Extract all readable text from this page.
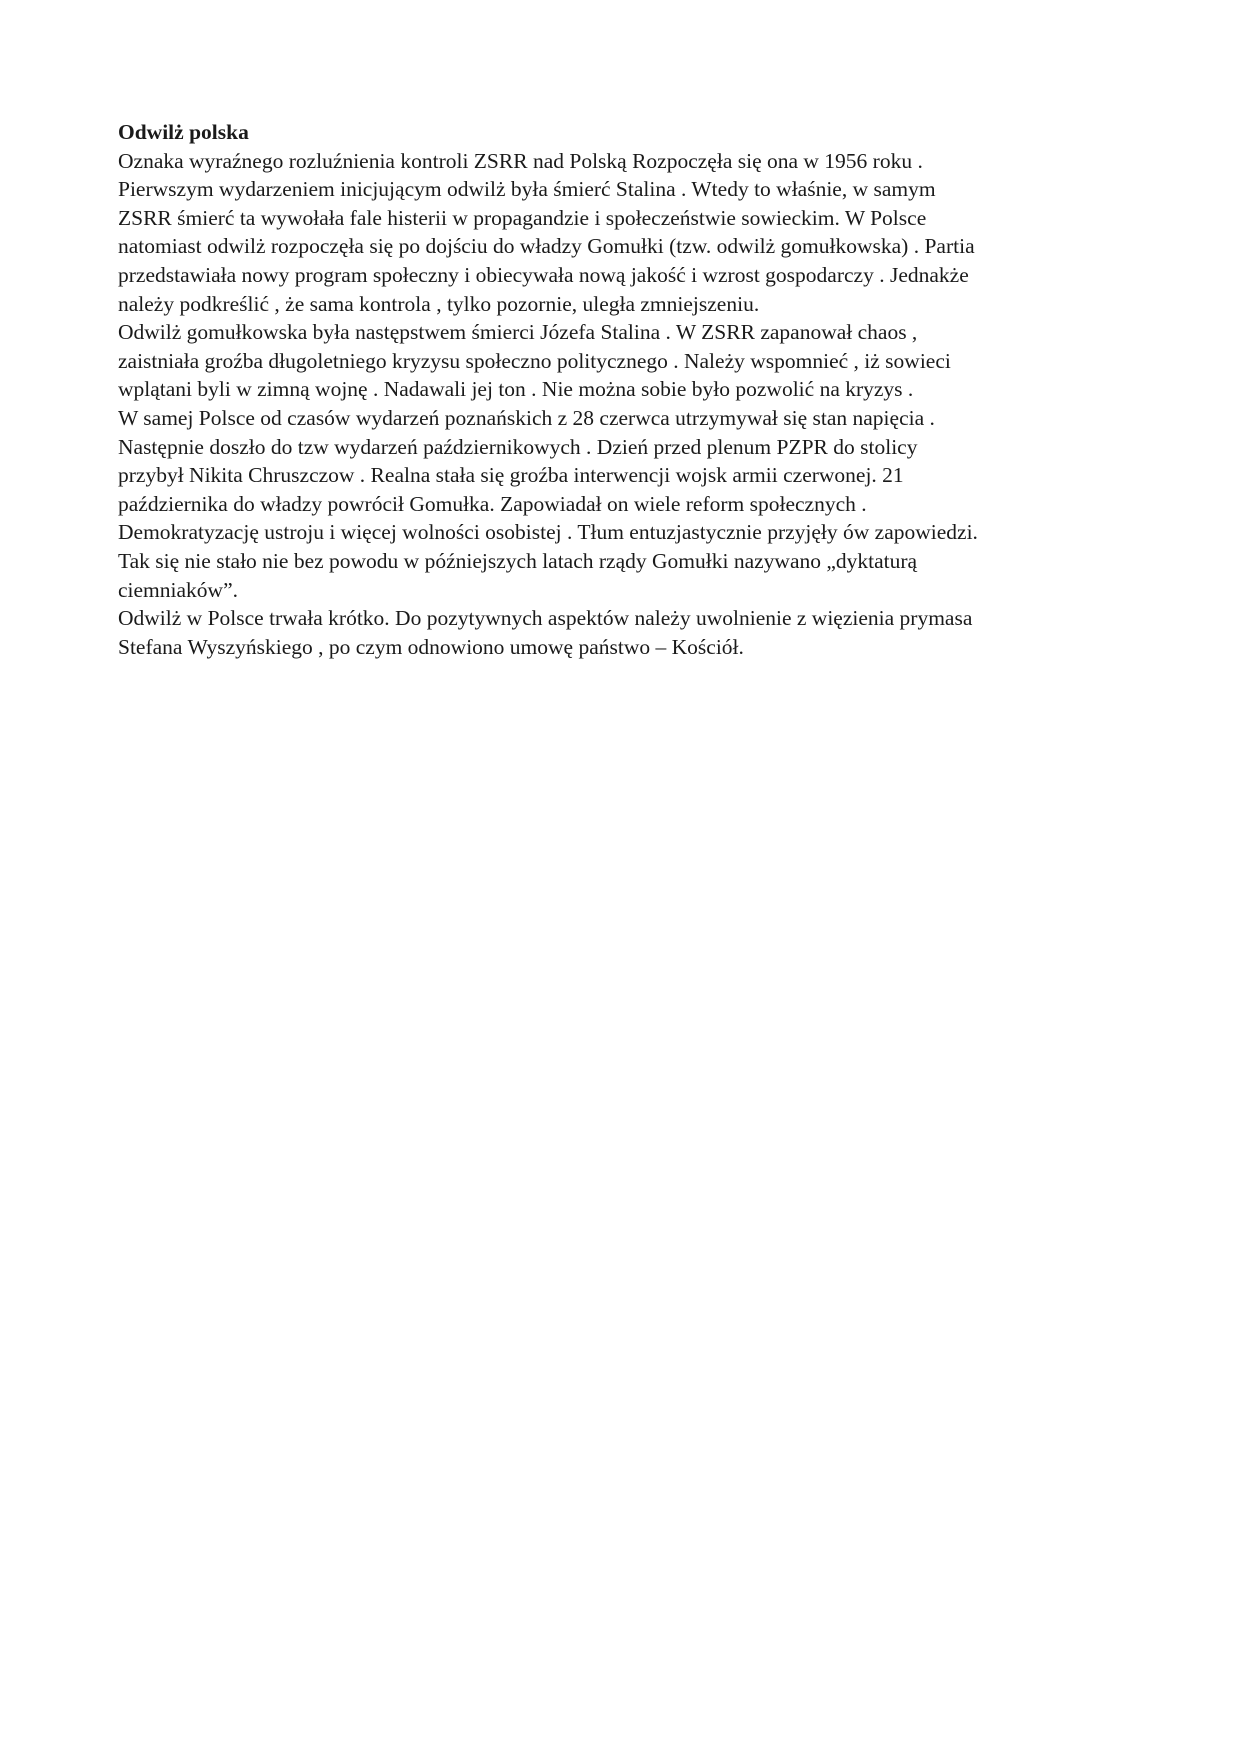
Odwilż polska
Oznaka wyraźnego rozluźnienia kontroli ZSRR nad Polską Rozpoczęła się ona w 1956 roku .
Pierwszym wydarzeniem inicjującym odwilż była śmierć Stalina . Wtedy to właśnie, w samym
ZSRR śmierć ta wywołała fale histerii w propagandzie i społeczeństwie sowieckim. W Polsce
natomiast odwilż rozpoczęła się po dojściu do władzy Gomułki (tzw. odwilż gomułkowska) . Partia
przedstawiała nowy program społeczny i obiecywała nową jakość i wzrost gospodarczy . Jednakże
należy podkreślić , że sama kontrola , tylko pozornie, uległa zmniejszeniu.
Odwilż gomułkowska była następstwem śmierci Józefa Stalina . W ZSRR zapanował chaos ,
zaistniała groźba długoletniego kryzysu społeczno politycznego . Należy wspomnieć , iż sowieci
wplątani byli w zimną wojnę . Nadawali jej ton . Nie można sobie było pozwolić na kryzys .
W samej Polsce od czasów wydarzeń poznańskich z 28 czerwca utrzymywał się stan napięcia .
Następnie doszło do tzw wydarzeń październikowych . Dzień przed plenum PZPR do stolicy
przybył Nikita Chruszczow . Realna stała się groźba interwencji wojsk armii czerwonej. 21
października do władzy powrócił Gomułka. Zapowiadał on wiele reform społecznych .
Demokratyzację ustroju i więcej wolności osobistej . Tłum entuzjastycznie przyjęły ów zapowiedzi.
Tak się nie stało nie bez powodu w późniejszych latach rządy Gomułki nazywano „dyktaturą
ciemniaków”.
Odwilż w Polsce trwała krótko. Do pozytywnych aspektów należy uwolnienie z więzienia prymasa
Stefana Wyszyńskiego , po czym odnowiono umowę państwo – Kościół.
